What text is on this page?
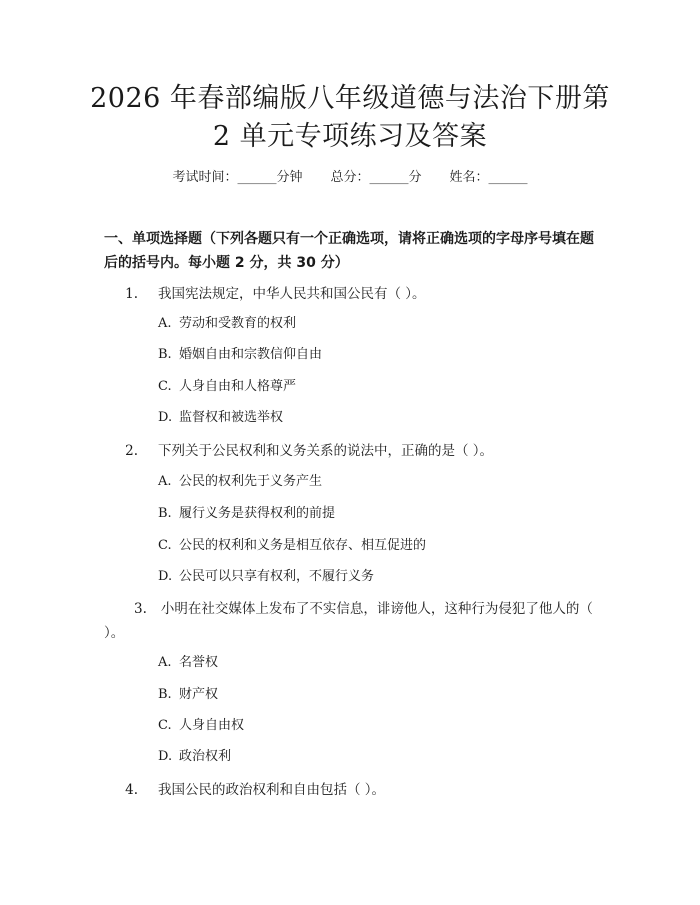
2026 年春部编版八年级道德与法治下册第 2 单元专项练习及答案
考试时间：______分钟 总分：______分 姓名：______
一、单项选择题（下列各题只有一个正确选项，请将正确选项的字母序号填在题后的括号内。每小题 2 分，共 30 分）
1. 我国宪法规定，中华人民共和国公民有（ ）。
A. 劳动和受教育的权利
B. 婚姻自由和宗教信仰自由
C. 人身自由和人格尊严
D. 监督权和被选举权
2. 下列关于公民权利和义务关系的说法中，正确的是（ ）。
A. 公民的权利先于义务产生
B. 履行义务是获得权利的前提
C. 公民的权利和义务是相互依存、相互促进的
D. 公民可以只享有权利，不履行义务
3. 小明在社交媒体上发布了不实信息，诽谤他人，这种行为侵犯了他人的（ ）。
A. 名誉权
B. 财产权
C. 人身自由权
D. 政治权利
4. 我国公民的政治权利和自由包括（ ）。
